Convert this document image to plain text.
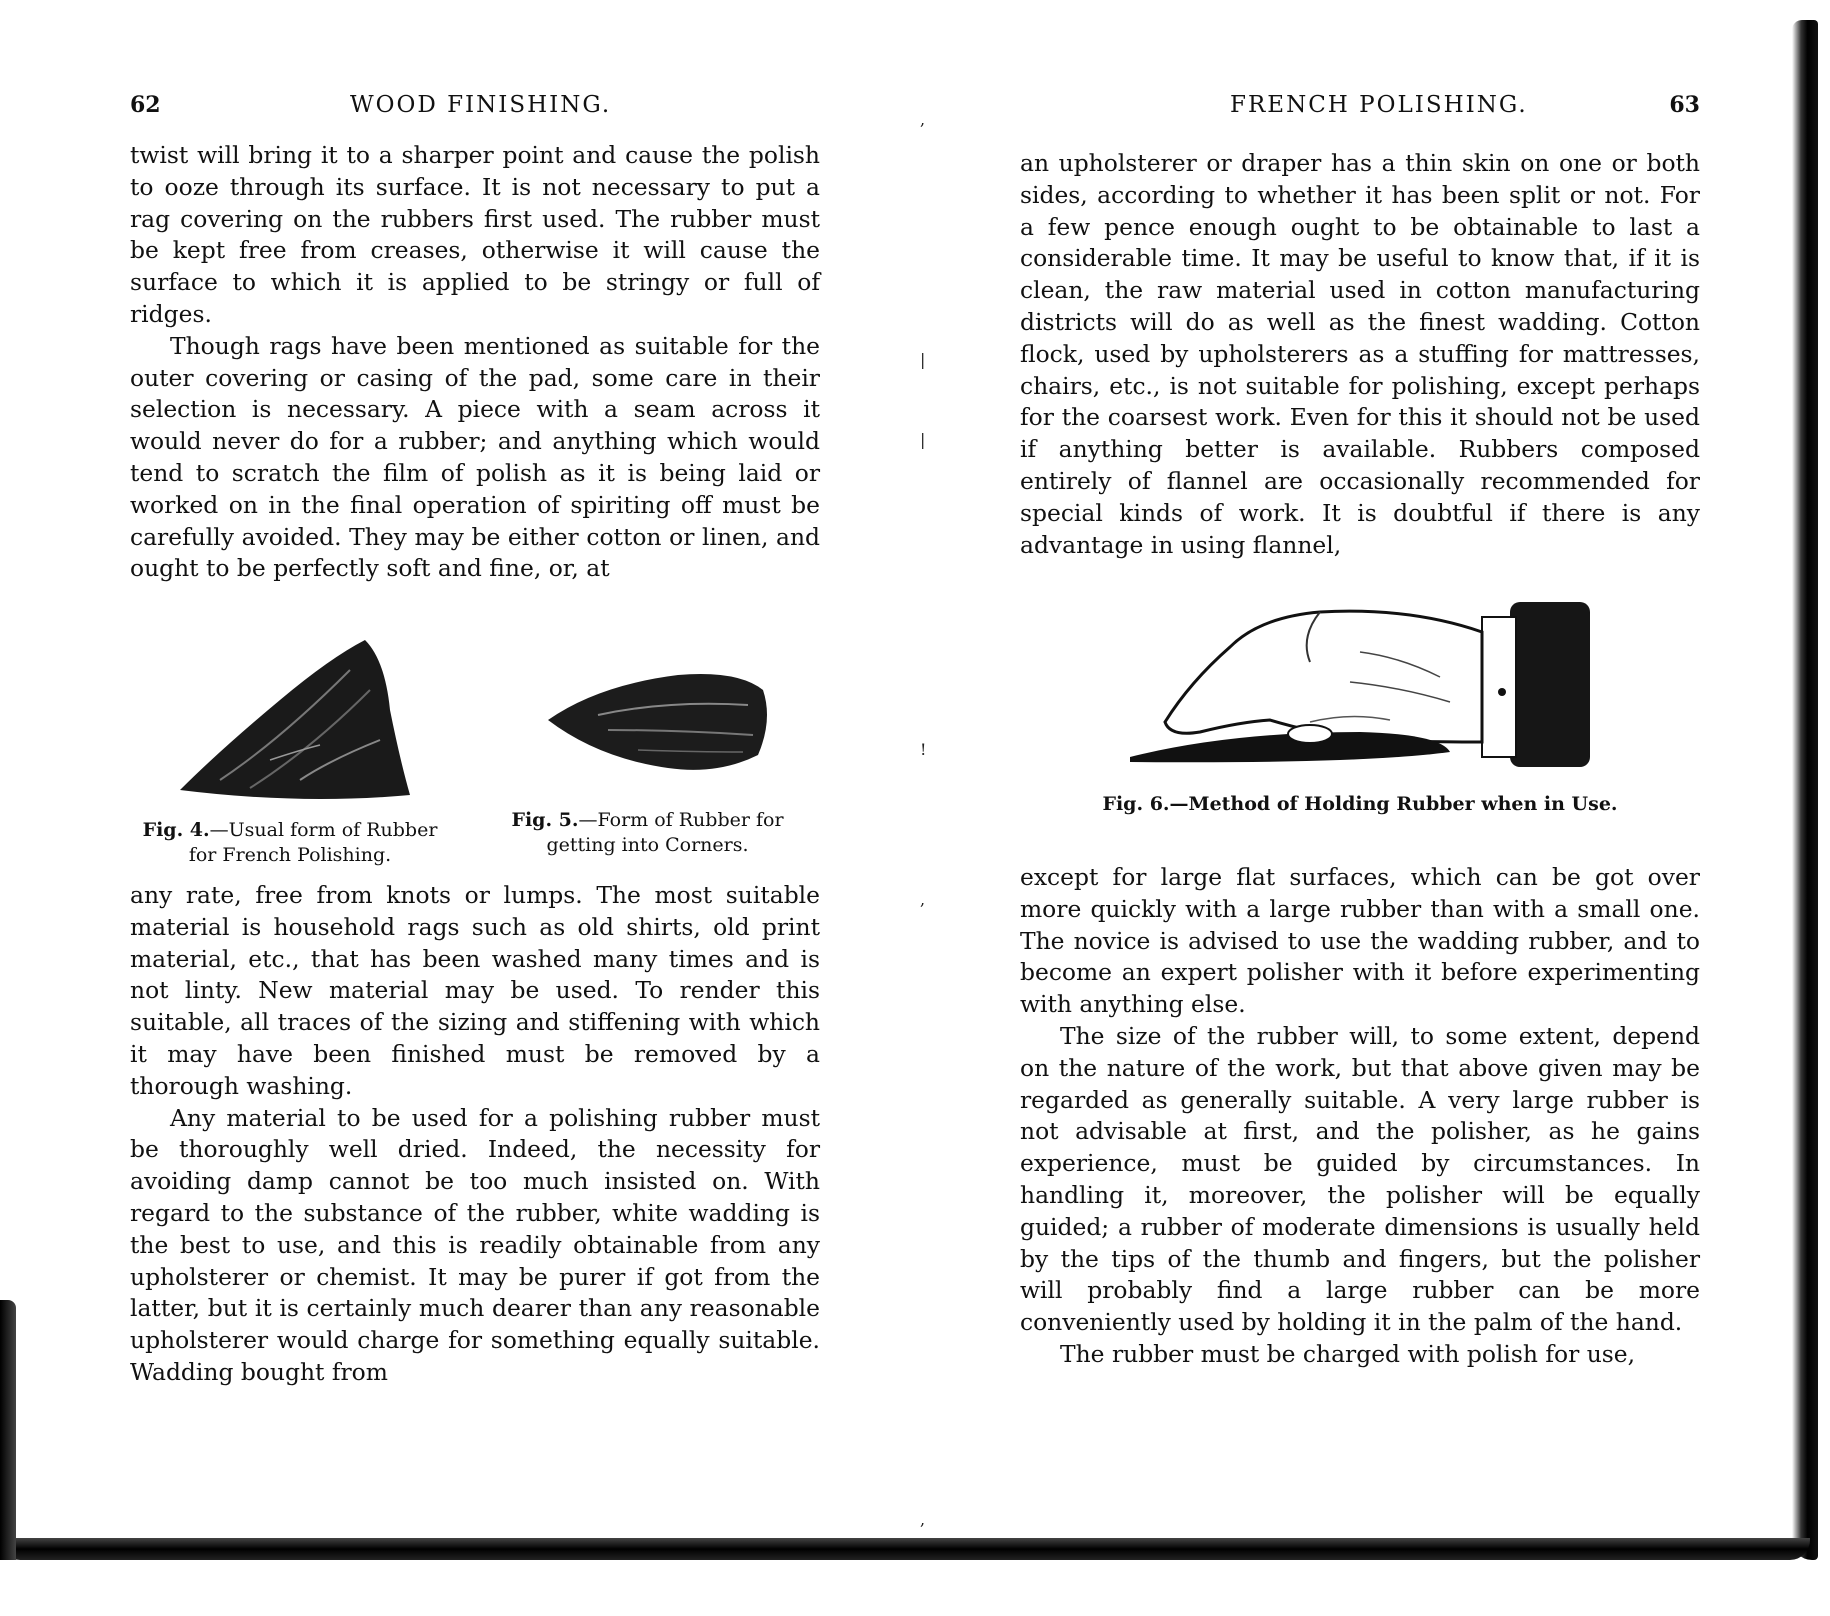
62	WOOD FINISHING.

twist will bring it to a sharper point and cause the polish to ooze through its surface. It is not necessary to put a rag covering on the rubbers first used. The rubber must be kept free from creases, otherwise it will cause the surface to which it is applied to be stringy or full of ridges.

Though rags have been mentioned as suitable for the outer covering or casing of the pad, some care in their selection is necessary. A piece with a seam across it would never do for a rubber; and anything which would tend to scratch the film of polish as it is being laid or worked on in the final operation of spiriting off must be carefully avoided. They may be either cotton or linen, and ought to be perfectly soft and fine, or, at

Fig. 4.—Usual form of Rubber for French Polishing.
Fig. 5.—Form of Rubber for getting into Corners.

any rate, free from knots or lumps. The most suitable material is household rags such as old shirts, old print material, etc., that has been washed many times and is not linty. New material may be used. To render this suitable, all traces of the sizing and stiffening with which it may have been finished must be removed by a thorough washing.

Any material to be used for a polishing rubber must be thoroughly well dried. Indeed, the necessity for avoiding damp cannot be too much insisted on. With regard to the substance of the rubber, white wadding is the best to use, and this is readily obtainable from any upholsterer or chemist. It may be purer if got from the latter, but it is certainly much dearer than any reasonable upholsterer would charge for something equally suitable. Wadding bought from

,
|
|
!
,
,
FRENCH POLISHING.	63

an upholsterer or draper has a thin skin on one or both sides, according to whether it has been split or not. For a few pence enough ought to be obtainable to last a considerable time. It may be useful to know that, if it is clean, the raw material used in cotton manufacturing districts will do as well as the finest wadding. Cotton flock, used by upholsterers as a stuffing for mattresses, chairs, etc., is not suitable for polishing, except perhaps for the coarsest work. Even for this it should not be used if anything better is available. Rubbers composed entirely of flannel are occasionally recommended for special kinds of work. It is doubtful if there is any advantage in using flannel,

Fig. 6.—Method of Holding Rubber when in Use.

except for large flat surfaces, which can be got over more quickly with a large rubber than with a small one. The novice is advised to use the wadding rubber, and to become an expert polisher with it before experimenting with anything else.

The size of the rubber will, to some extent, depend on the nature of the work, but that above given may be regarded as generally suitable. A very large rubber is not advisable at first, and the polisher, as he gains experience, must be guided by circumstances. In handling it, moreover, the polisher will be equally guided; a rubber of moderate dimensions is usually held by the tips of the thumb and fingers, but the polisher will probably find a large rubber can be more conveniently used by holding it in the palm of the hand.

The rubber must be charged with polish for use,
